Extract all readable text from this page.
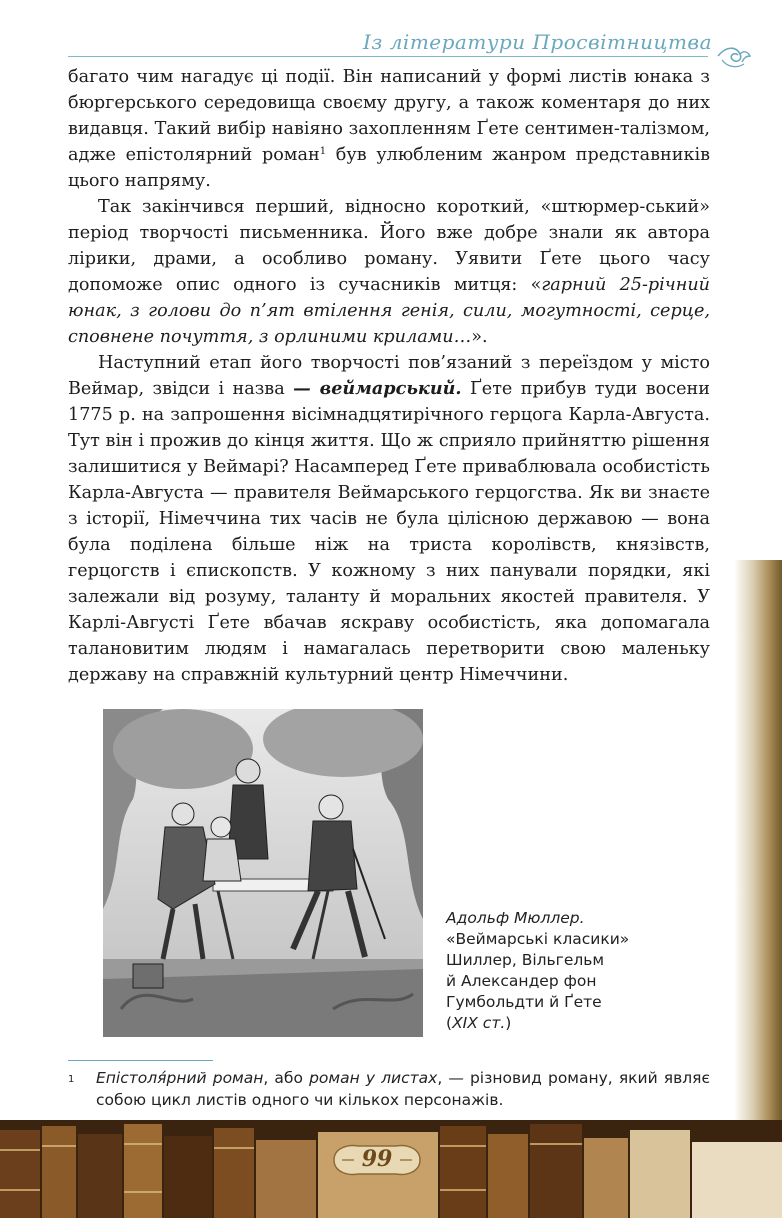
Із літератури Просвітництва

багато чим нагадує ці події. Він написаний у формі листів юнака з бюргерського середовища своєму другу, а також коментаря до них видавця. Такий вибір навіяно захопленням Ґете сентимен-талізмом, адже епістолярний роман$^1$ був улюбленим жанром представників цього напряму.

Так закінчився перший, відносно короткий, «штюрмер-ський» період творчості письменника. Його вже добре знали як автора лірики, драми, а особливо роману. Уявити Ґете цього часу допоможе опис одного із сучасників митця: «гарний 25-річний юнак, з голови до п’ят втілення генія, сили, могутності, серце, сповнене почуття, з орлиними крилами…».

Наступний етап його творчості пов’язаний з переїздом у місто Веймар, звідси і назва — веймарський. Ґете прибув туди восени 1775 р. на запрошення вісімнадцятирічного герцога Карла-Августа. Тут він і прожив до кінця життя. Що ж сприяло прийняттю рішення залишитися у Веймарі? Насамперед Ґете приваблювала особистість Карла-Августа — правителя Веймарського герцогства. Як ви знаєте з історії, Німеччина тих часів не була цілісною державою — вона була поділена більше ніж на триста королівств, князівств, герцогств і єпископств. У кожному з них панували порядки, які залежали від розуму, таланту й моральних якостей правителя. У Карлі-Августі Ґете вбачав яскраву особистість, яка допомагала талановитим людям і намагалась перетворити свою маленьку державу на справжній культурний центр Німеччини.

Адольф Мюллер.
«Веймарські класики»
Шиллер, Вільгельм
й Александер фон
Гумбольдти й Ґете
(XIX ст.)
1 Епістоля́рний роман, або роман у листах, — різновид роману, який являє собою цикл листів одного чи кількох персонажів.
99
